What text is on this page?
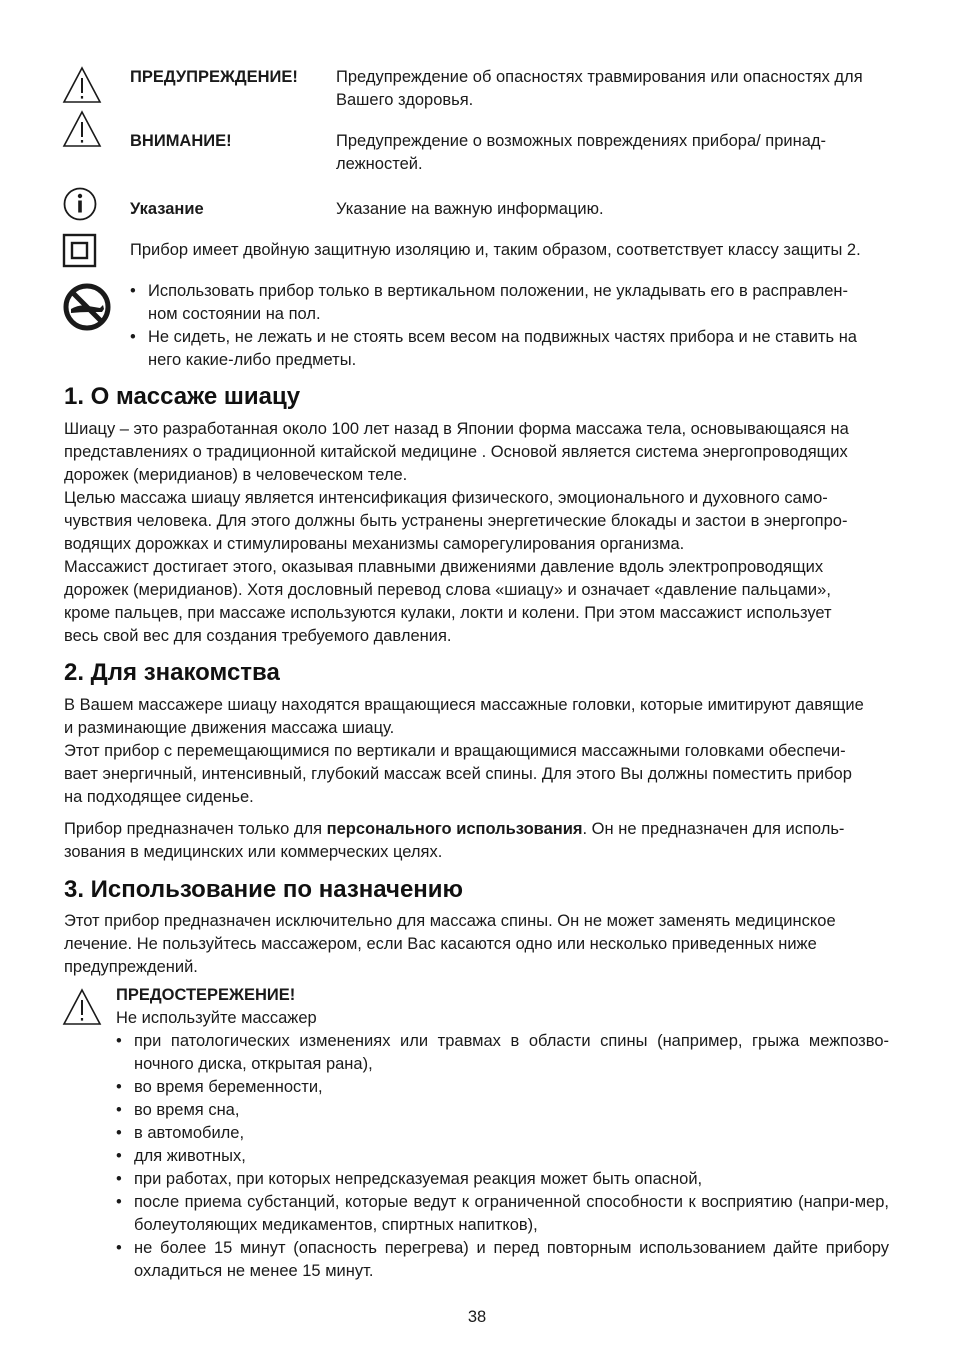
ПРЕДУПРЕЖДЕНИЕ! Предупреждение об опасностях травмирования или опасностях для
Вашего здоровья.
ВНИМАНИЕ!	Предупреждение о возможных повреждениях прибора/ принад-
лежностей.
Указание	Указание на важную информацию.
Прибор имеет двойную защитную изоляцию и, таким образом, соответствует классу защиты 2.
• Использовать прибор только в вертикальном положении, не укладывать его в расправлен-
ном состоянии на пол.
• Не сидеть, не лежать и не стоять всем весом на подвижных частях прибора и не ставить на
него какие-либо предметы.
1. О массаже шиацу

Шиацу – это разработанная около 100 лет назад в Японии форма массажа тела, основывающаяся на
представлениях о традиционной китайской медицине . Основой является система энергопроводящих
дорожек (меридианов) в человеческом теле.

Целью массажа шиацу является интенсификация физического, эмоционального и духовного само-
чувствия человека. Для этого должны быть устранены энергетические блокады и застои в энергопро-
водящих дорожках и стимулированы механизмы саморегулирования организма.

Массажист достигает этого, оказывая плавными движениями давление вдоль электропроводящих
дорожек (меридианов). Хотя дословный перевод слова «шиацу» и означает «давление пальцами»,
кроме пальцев, при массаже используются кулаки, локти и колени. При этом массажист использует
весь свой вес для создания требуемого давления.

2. Для знакомства

В Вашем массажере шиацу находятся вращающиеся массажные головки, которые имитируют давящие
и разминающие движения массажа шиацу.

Этот прибор с перемещающимися по вертикали и вращающимися массажными головками обеспечи-
вает энергичный, интенсивный, глубокий массаж всей спины. Для этого Вы должны поместить прибор
на подходящее сиденье.

Прибор предназначен только для персонального использования. Он не предназначен для исполь-
зования в медицинских или коммерческих целях.

3. Использование по назначению

Этот прибор предназначен исключительно для массажа спины. Он не может заменять медицинское
лечение. Не пользуйтесь массажером, если Вас касаются одно или несколько приведенных ниже
предупреждений.

ПРЕДОСТЕРЕЖЕНИЕ!
Не используйте массажер
• при патологических изменениях или травмах в области спины (например, грыжа межпозво-ночного диска, открытая рана),
• во время беременности,
• во время сна,
• в автомобиле,
• для животных,
• при работах, при которых непредсказуемая реакция может быть опасной,
• после приема субстанций, которые ведут к ограниченной способности к восприятию (напри-мер, болеутоляющих медикаментов, спиртных напитков),
• не более 15 минут (опасность перегрева) и перед повторным использованием дайте прибору охладиться не менее 15 минут.
38
